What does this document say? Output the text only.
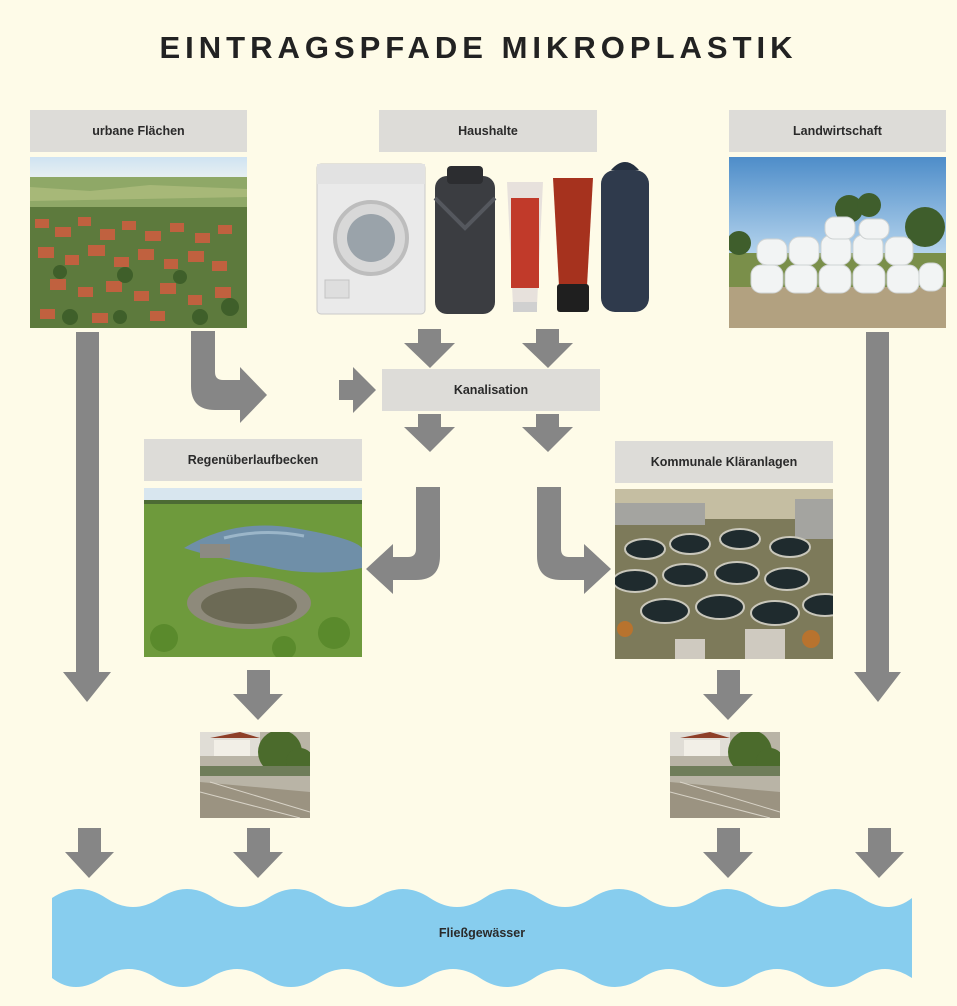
EINTRAGSPFADE MIKROPLASTIK
urbane Flächen	Haushalte	Landwirtschaft
Kanalisation
Regenüberlaufbecken	Kommunale Kläranlagen
Fließgewässer
